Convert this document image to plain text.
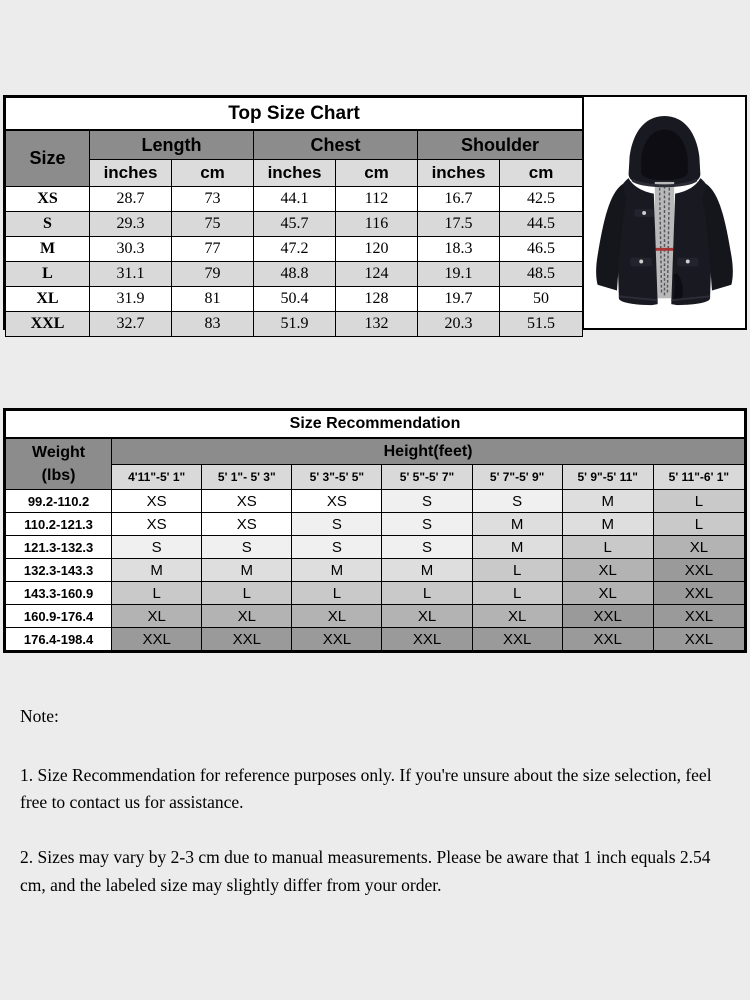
Top Size Chart						
Size	Length		Chest		Shoulder	
	inches	cm	inches	cm	inches	cm
XS	28.7	73	44.1	112	16.7	42.5
S	29.3	75	45.7	116	17.5	44.5
M	30.3	77	47.2	120	18.3	46.5
L	31.1	79	48.8	124	19.1	48.5
XL	31.9	81	50.4	128	19.7	50
XXL	32.7	83	51.9	132	20.3	51.5
Size Recommendation							

Weight
(lbs)	Height(feet)						
	4'11"-5' 1"	5' 1"- 5' 3"	5' 3"-5' 5"	5' 5"-5' 7"	5' 7"-5' 9"	5' 9"-5' 11"	5' 11"-6' 1"
99.2-110.2	XS	XS	XS	S	S	M	L
110.2-121.3	XS	XS	S	S	M	M	L
121.3-132.3	S	S	S	S	M	L	XL
132.3-143.3	M	M	M	M	L	XL	XXL
143.3-160.9	L	L	L	L	L	XL	XXL
160.9-176.4	XL	XL	XL	XL	XL	XXL	XXL
176.4-198.4	XXL	XXL	XXL	XXL	XXL	XXL	XXL

Note:

1. Size Recommendation for reference purposes only. If you're unsure about the size selection, feel free to contact us for assistance.

2. Sizes may vary by 2-3 cm due to manual measurements. Please be aware that 1 inch equals 2.54 cm, and the labeled size may slightly differ from your order.
